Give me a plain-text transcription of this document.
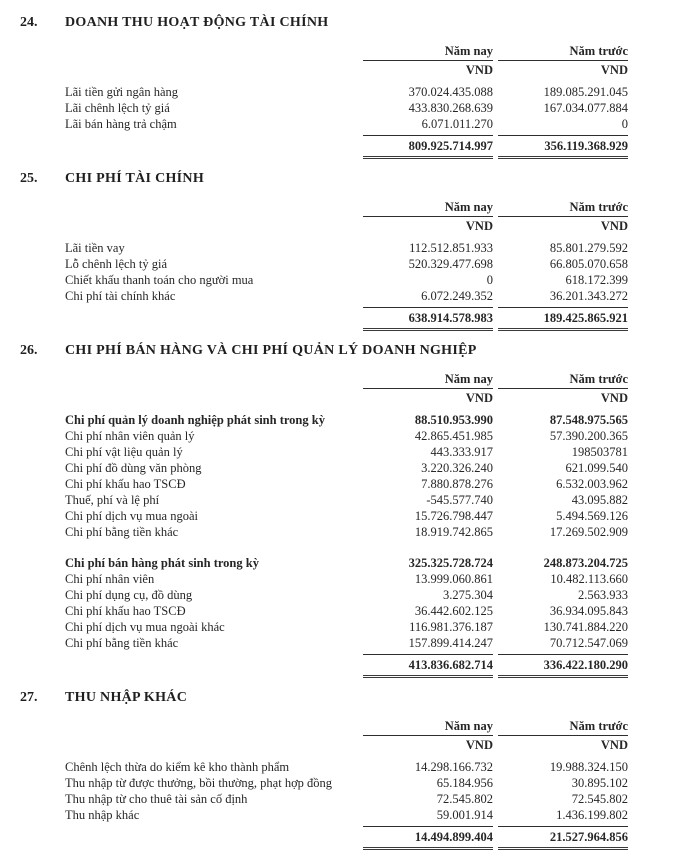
24.	DOANH THU HOẠT ĐỘNG TÀI CHÍNH
Năm nay	Năm trước
VND	VND
Lãi tiền gửi ngân hàng	370.024.435.088	189.085.291.045
Lãi chênh lệch tỷ giá	433.830.268.639	167.034.077.884
Lãi bán hàng trả chậm	6.071.011.270	0
809.925.714.997	356.119.368.929
25.	CHI PHÍ TÀI CHÍNH
Năm nay	Năm trước
VND	VND
Lãi tiền vay	112.512.851.933	85.801.279.592
Lỗ chênh lệch tỷ giá	520.329.477.698	66.805.070.658
Chiết khấu thanh toán cho người mua	0	618.172.399
Chi phí tài chính khác	6.072.249.352	36.201.343.272
638.914.578.983	189.425.865.921
26.	CHI PHÍ BÁN HÀNG VÀ CHI PHÍ QUẢN LÝ DOANH NGHIỆP
Năm nay	Năm trước
VND	VND
Chi phí quản lý doanh nghiệp phát sinh trong kỳ	88.510.953.990	87.548.975.565
Chi phí nhân viên quản lý	42.865.451.985	57.390.200.365
Chi phí vật liệu quản lý	443.333.917	198503781
Chi phí đồ dùng văn phòng	3.220.326.240	621.099.540
Chi phí khấu hao TSCĐ	7.880.878.276	6.532.003.962
Thuế, phí và lệ phí	-545.577.740	43.095.882
Chi phí dịch vụ mua ngoài	15.726.798.447	5.494.569.126
Chi phí bằng tiền khác	18.919.742.865	17.269.502.909
Chi phí bán hàng phát sinh trong kỳ	325.325.728.724	248.873.204.725
Chi phí nhân viên	13.999.060.861	10.482.113.660
Chi phí dụng cụ, đồ dùng	3.275.304	2.563.933
Chi phí khấu hao TSCĐ	36.442.602.125	36.934.095.843
Chi phí dịch vụ mua ngoài khác	116.981.376.187	130.741.884.220
Chi phí bằng tiền khác	157.899.414.247	70.712.547.069
413.836.682.714	336.422.180.290
27.	THU NHẬP KHÁC
Năm nay	Năm trước
VND	VND
Chênh lệch thừa do kiểm kê kho thành phẩm	14.298.166.732	19.988.324.150
Thu nhập từ được thưởng, bồi thường, phạt hợp đồng	65.184.956	30.895.102
Thu nhập từ cho thuê tài sản cố định	72.545.802	72.545.802
Thu nhập khác	59.001.914	1.436.199.802
14.494.899.404	21.527.964.856
